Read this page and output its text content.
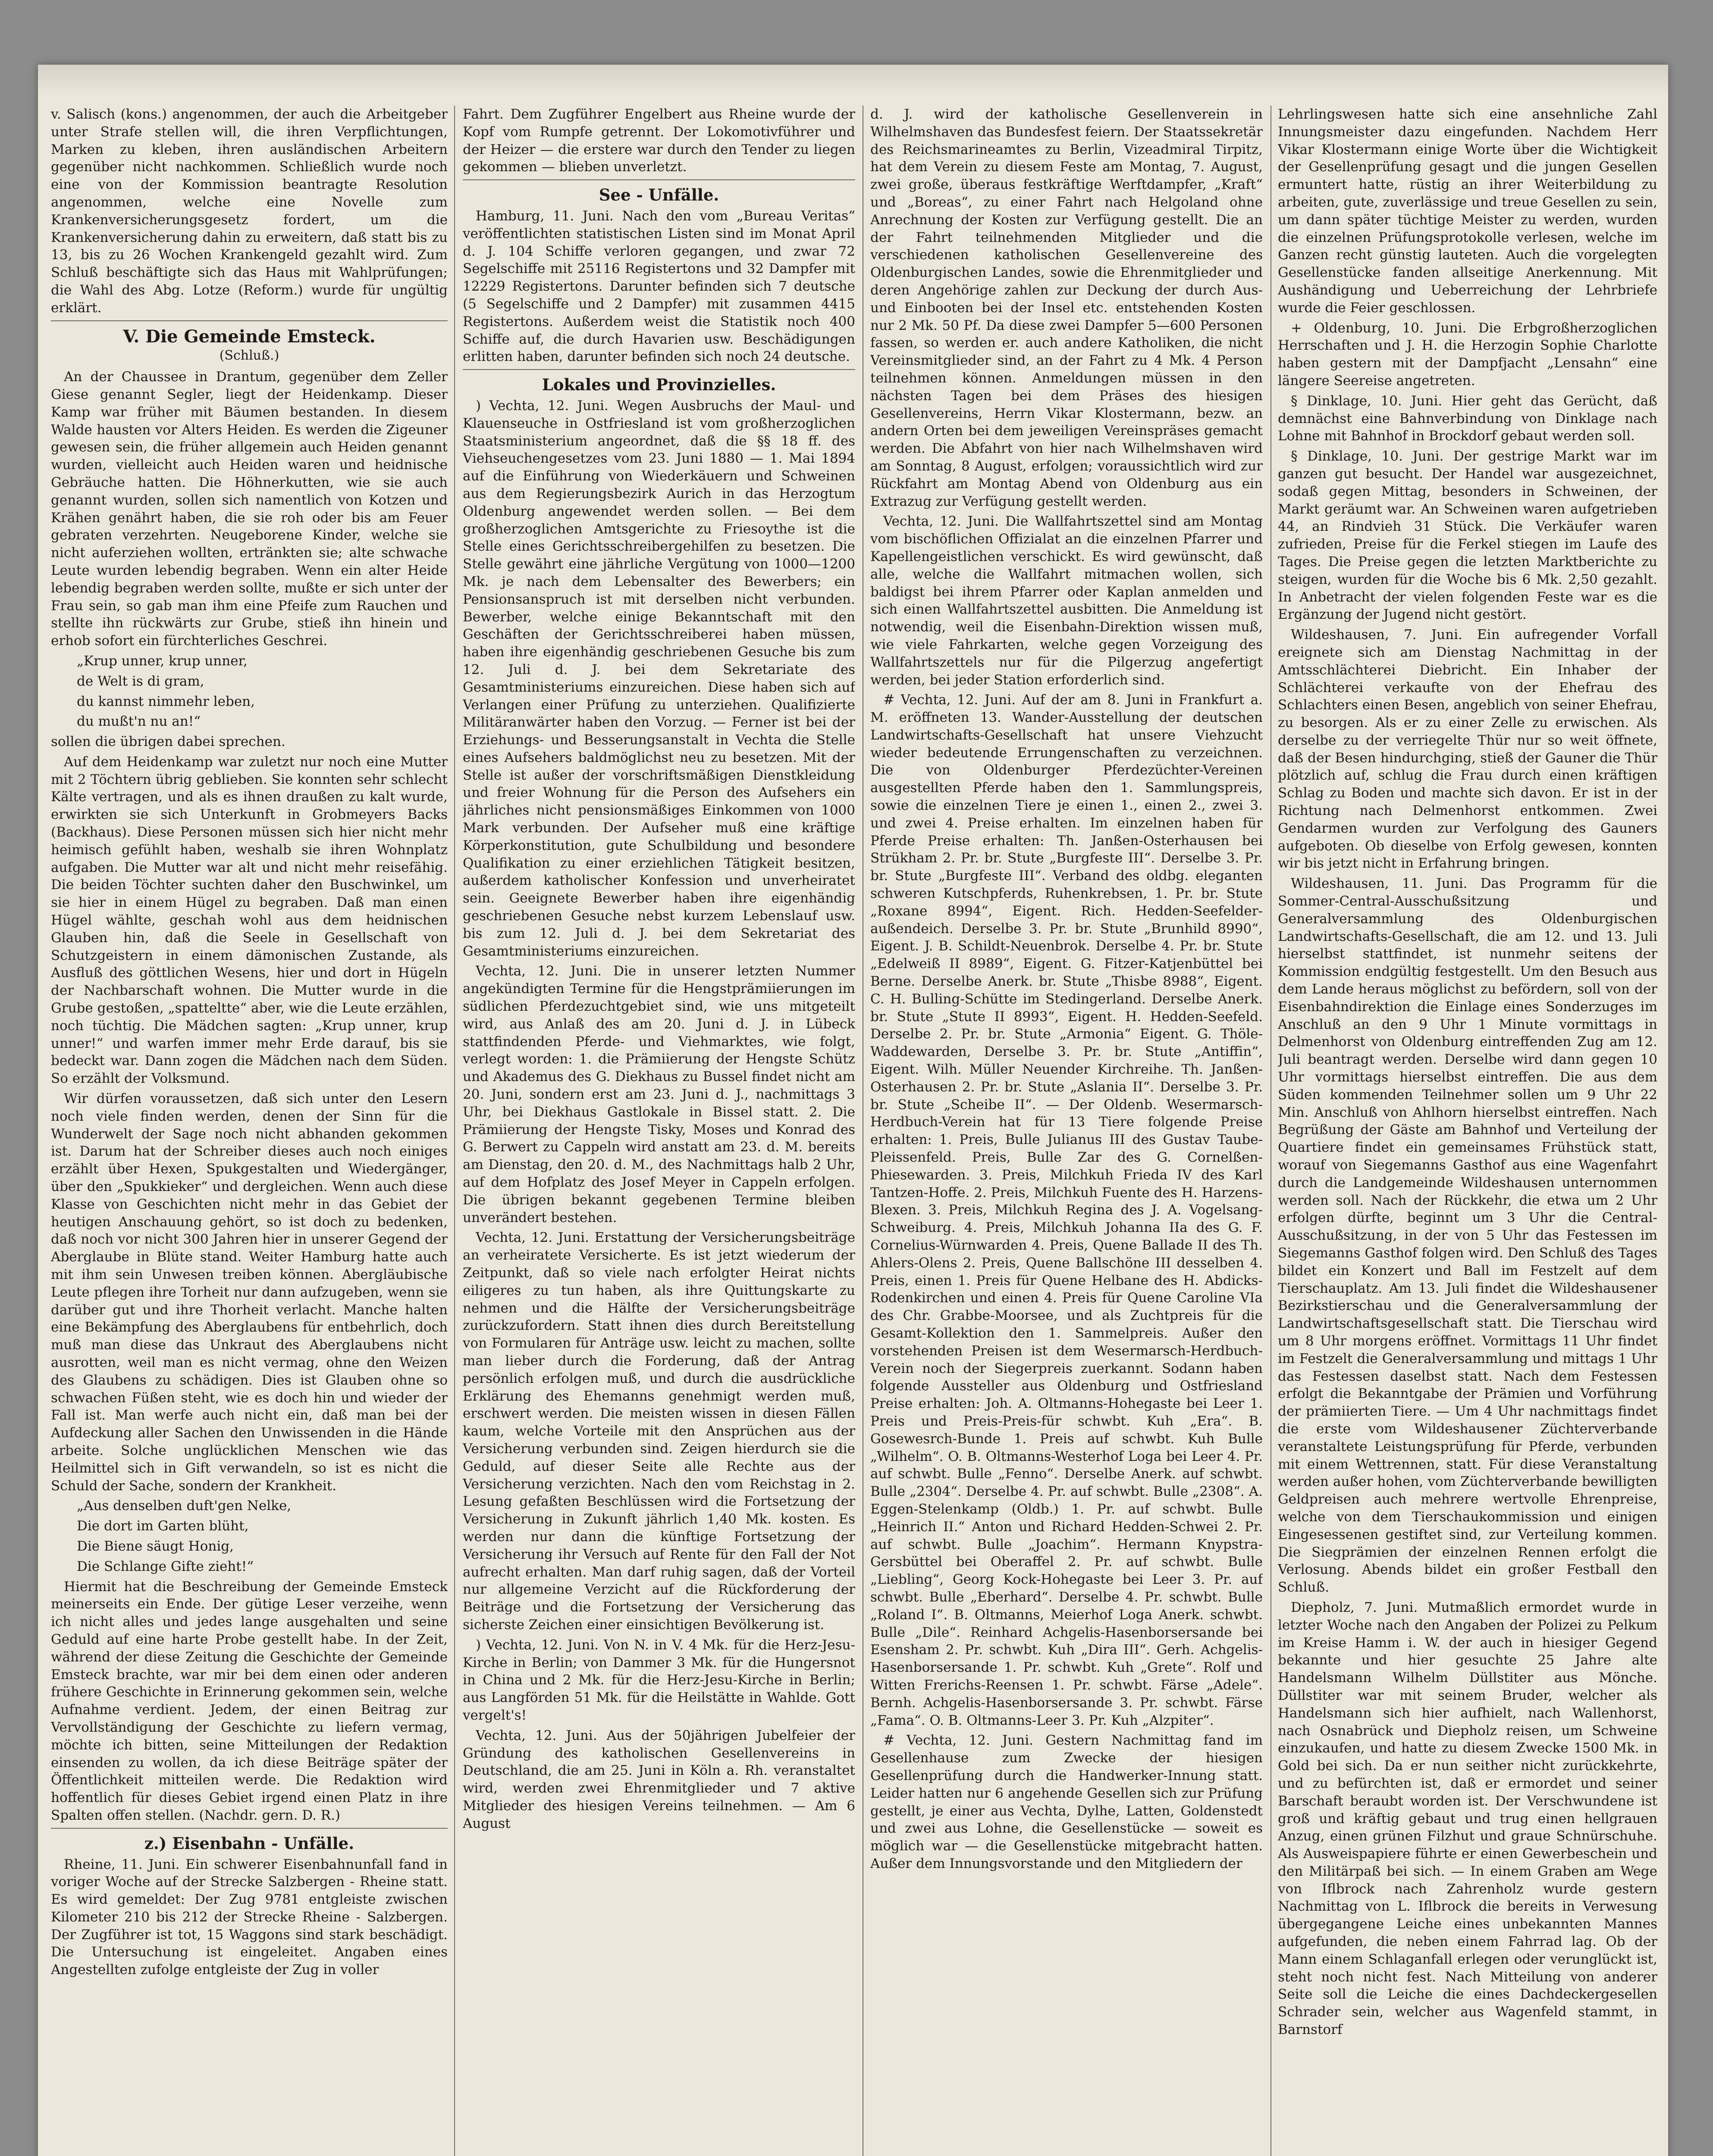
v. Salisch (kons.) angenommen, der auch die Arbeitgeber unter Strafe stellen will, die ihren Verpflichtungen, Marken zu kleben, ihren ausländischen Arbeitern gegenüber nicht nachkommen. Schließlich wurde noch eine von der Kommission beantragte Resolution angenommen, welche eine Novelle zum Krankenversicherungsgesetz fordert, um die Krankenversicherung dahin zu erweitern, daß statt bis zu 13, bis zu 26 Wochen Krankengeld gezahlt wird. Zum Schluß beschäftigte sich das Haus mit Wahlprüfungen; die Wahl des Abg. Lotze (Reform.) wurde für ungültig erklärt.

V. Die Gemeinde Emsteck.
(Schluß.)

An der Chaussee in Drantum, gegenüber dem Zeller Giese genannt Segler, liegt der Heidenkamp. Dieser Kamp war früher mit Bäumen bestanden. In diesem Walde hausten vor Alters Heiden. Es werden die Zigeuner gewesen sein, die früher allgemein auch Heiden genannt wurden, vielleicht auch Heiden waren und heidnische Gebräuche hatten. Die Höhnerkutten, wie sie auch genannt wurden, sollen sich namentlich von Kotzen und Krähen genährt haben, die sie roh oder bis am Feuer gebraten verzehrten. Neugeborene Kinder, welche sie nicht auferziehen wollten, ertränkten sie; alte schwache Leute wurden lebendig begraben. Wenn ein alter Heide lebendig begraben werden sollte, mußte er sich unter der Frau sein, so gab man ihm eine Pfeife zum Rauchen und stellte ihn rückwärts zur Grube, stieß ihn hinein und erhob sofort ein fürchterliches Geschrei.

„Krup unner, krup unner,
de Welt is di gram,
du kannst nimmehr leben,
du mußt'n nu an!“

sollen die übrigen dabei sprechen.

Auf dem Heidenkamp war zuletzt nur noch eine Mutter mit 2 Töchtern übrig geblieben. Sie konnten sehr schlecht Kälte vertragen, und als es ihnen draußen zu kalt wurde, erwirkten sie sich Unterkunft in Grobmeyers Backs (Backhaus). Diese Personen müssen sich hier nicht mehr heimisch gefühlt haben, weshalb sie ihren Wohnplatz aufgaben. Die Mutter war alt und nicht mehr reisefähig. Die beiden Töchter suchten daher den Buschwinkel, um sie hier in einem Hügel zu begraben. Daß man einen Hügel wählte, geschah wohl aus dem heidnischen Glauben hin, daß die Seele in Gesellschaft von Schutzgeistern in einem dämonischen Zustande, als Ausfluß des göttlichen Wesens, hier und dort in Hügeln der Nachbarschaft wohnen. Die Mutter wurde in die Grube gestoßen, „spatteltte“ aber, wie die Leute erzählen, noch tüchtig. Die Mädchen sagten: „Krup unner, krup unner!“ und warfen immer mehr Erde darauf, bis sie bedeckt war. Dann zogen die Mädchen nach dem Süden. So erzählt der Volksmund.

Wir dürfen voraussetzen, daß sich unter den Lesern noch viele finden werden, denen der Sinn für die Wunderwelt der Sage noch nicht abhanden gekommen ist. Darum hat der Schreiber dieses auch noch einiges erzählt über Hexen, Spukgestalten und Wiedergänger, über den „Spukkieker“ und dergleichen. Wenn auch diese Klasse von Geschichten nicht mehr in das Gebiet der heutigen Anschauung gehört, so ist doch zu bedenken, daß noch vor nicht 300 Jahren hier in unserer Gegend der Aberglaube in Blüte stand. Weiter Hamburg hatte auch mit ihm sein Unwesen treiben können. Abergläubische Leute pflegen ihre Torheit nur dann aufzugeben, wenn sie darüber gut und ihre Thorheit verlacht. Manche halten eine Bekämpfung des Aberglaubens für entbehrlich, doch muß man diese das Unkraut des Aberglaubens nicht ausrotten, weil man es nicht vermag, ohne den Weizen des Glaubens zu schädigen. Dies ist Glauben ohne so schwachen Füßen steht, wie es doch hin und wieder der Fall ist. Man werfe auch nicht ein, daß man bei der Aufdeckung aller Sachen den Unwissenden in die Hände arbeite. Solche unglücklichen Menschen wie das Heilmittel sich in Gift verwandeln, so ist es nicht die Schuld der Sache, sondern der Krankheit.

„Aus denselben duft'gen Nelke,
Die dort im Garten blüht,
Die Biene säugt Honig,
Die Schlange Gifte zieht!“

Hiermit hat die Beschreibung der Gemeinde Emsteck meinerseits ein Ende. Der gütige Leser verzeihe, wenn ich nicht alles und jedes lange ausgehalten und seine Geduld auf eine harte Probe gestellt habe. In der Zeit, während der diese Zeitung die Geschichte der Gemeinde Emsteck brachte, war mir bei dem einen oder anderen frühere Geschichte in Erinnerung gekommen sein, welche Aufnahme verdient. Jedem, der einen Beitrag zur Vervollständigung der Geschichte zu liefern vermag, möchte ich bitten, seine Mitteilungen der Redaktion einsenden zu wollen, da ich diese Beiträge später der Öffentlichkeit mitteilen werde. Die Redaktion wird hoffentlich für dieses Gebiet irgend einen Platz in ihre Spalten offen stellen. (Nachdr. gern. D. R.)

z.) Eisenbahn - Unfälle.

Rheine, 11. Juni. Ein schwerer Eisenbahnunfall fand in voriger Woche auf der Strecke Salzbergen - Rheine statt. Es wird gemeldet: Der Zug 9781 entgleiste zwischen Kilometer 210 bis 212 der Strecke Rheine - Salzbergen. Der Zugführer ist tot, 15 Waggons sind stark beschädigt. Die Untersuchung ist eingeleitet. Angaben eines Angestellten zufolge entgleiste der Zug in voller

Fahrt. Dem Zugführer Engelbert aus Rheine wurde der Kopf vom Rumpfe getrennt. Der Lokomotivführer und der Heizer — die erstere war durch den Tender zu liegen gekommen — blieben unverletzt.

See - Unfälle.

Hamburg, 11. Juni. Nach den vom „Bureau Veritas“ veröffentlichten statistischen Listen sind im Monat April d. J. 104 Schiffe verloren gegangen, und zwar 72 Segelschiffe mit 25116 Registertons und 32 Dampfer mit 12229 Registertons. Darunter befinden sich 7 deutsche (5 Segelschiffe und 2 Dampfer) mit zusammen 4415 Registertons. Außerdem weist die Statistik noch 400 Schiffe auf, die durch Havarien usw. Beschädigungen erlitten haben, darunter befinden sich noch 24 deutsche.

Lokales und Provinzielles.

) Vechta, 12. Juni. Wegen Ausbruchs der Maul- und Klauenseuche in Ostfriesland ist vom großherzoglichen Staatsministerium angeordnet, daß die §§ 18 ff. des Viehseuchengesetzes vom 23. Juni 1880 — 1. Mai 1894 auf die Einführung von Wiederkäuern und Schweinen aus dem Regierungsbezirk Aurich in das Herzogtum Oldenburg angewendet werden sollen. — Bei dem großherzoglichen Amtsgerichte zu Friesoythe ist die Stelle eines Gerichtsschreibergehilfen zu besetzen. Die Stelle gewährt eine jährliche Vergütung von 1000—1200 Mk. je nach dem Lebensalter des Bewerbers; ein Pensionsanspruch ist mit derselben nicht verbunden. Bewerber, welche einige Bekanntschaft mit den Geschäften der Gerichtsschreiberei haben müssen, haben ihre eigenhändig geschriebenen Gesuche bis zum 12. Juli d. J. bei dem Sekretariate des Gesamtministeriums einzureichen. Diese haben sich auf Verlangen einer Prüfung zu unterziehen. Qualifizierte Militäranwärter haben den Vorzug. — Ferner ist bei der Erziehungs- und Besserungsanstalt in Vechta die Stelle eines Aufsehers baldmöglichst neu zu besetzen. Mit der Stelle ist außer der vorschriftsmäßigen Dienstkleidung und freier Wohnung für die Person des Aufsehers ein jährliches nicht pensionsmäßiges Einkommen von 1000 Mark verbunden. Der Aufseher muß eine kräftige Körperkonstitution, gute Schulbildung und besondere Qualifikation zu einer erziehlichen Tätigkeit besitzen, außerdem katholischer Konfession und unverheiratet sein. Geeignete Bewerber haben ihre eigenhändig geschriebenen Gesuche nebst kurzem Lebenslauf usw. bis zum 12. Juli d. J. bei dem Sekretariat des Gesamtministeriums einzureichen.

Vechta, 12. Juni. Die in unserer letzten Nummer angekündigten Termine für die Hengstprämiierungen im südlichen Pferdezuchtgebiet sind, wie uns mitgeteilt wird, aus Anlaß des am 20. Juni d. J. in Lübeck stattfindenden Pferde- und Viehmarktes, wie folgt, verlegt worden: 1. die Prämiierung der Hengste Schütz und Akademus des G. Diekhaus zu Bussel findet nicht am 20. Juni, sondern erst am 23. Juni d. J., nachmittags 3 Uhr, bei Diekhaus Gastlokale in Bissel statt. 2. Die Prämiierung der Hengste Tisky, Moses und Konrad des G. Berwert zu Cappeln wird anstatt am 23. d. M. bereits am Dienstag, den 20. d. M., des Nachmittags halb 2 Uhr, auf dem Hofplatz des Josef Meyer in Cappeln erfolgen. Die übrigen bekannt gegebenen Termine bleiben unverändert bestehen.

Vechta, 12. Juni. Erstattung der Versicherungsbeiträge an verheiratete Versicherte. Es ist jetzt wiederum der Zeitpunkt, daß so viele nach erfolgter Heirat nichts eiligeres zu tun haben, als ihre Quittungskarte zu nehmen und die Hälfte der Versicherungsbeiträge zurückzufordern. Statt ihnen dies durch Bereitstellung von Formularen für Anträge usw. leicht zu machen, sollte man lieber durch die Forderung, daß der Antrag persönlich erfolgen muß, und durch die ausdrückliche Erklärung des Ehemanns genehmigt werden muß, erschwert werden. Die meisten wissen in diesen Fällen kaum, welche Vorteile mit den Ansprüchen aus der Versicherung verbunden sind. Zeigen hierdurch sie die Geduld, auf dieser Seite alle Rechte aus der Versicherung verzichten. Nach den vom Reichstag in 2. Lesung gefaßten Beschlüssen wird die Fortsetzung der Versicherung in Zukunft jährlich 1,40 Mk. kosten. Es werden nur dann die künftige Fortsetzung der Versicherung ihr Versuch auf Rente für den Fall der Not aufrecht erhalten. Man darf ruhig sagen, daß der Vorteil nur allgemeine Verzicht auf die Rückforderung der Beiträge und die Fortsetzung der Versicherung das sicherste Zeichen einer einsichtigen Bevölkerung ist.

) Vechta, 12. Juni. Von N. in V. 4 Mk. für die Herz-Jesu-Kirche in Berlin; von Dammer 3 Mk. für die Hungersnot in China und 2 Mk. für die Herz-Jesu-Kirche in Berlin; aus Langförden 51 Mk. für die Heilstätte in Wahlde. Gott vergelt's!

Vechta, 12. Juni. Aus der 50jährigen Jubelfeier der Gründung des katholischen Gesellenvereins in Deutschland, die am 25. Juni in Köln a. Rh. veranstaltet wird, werden zwei Ehrenmitglieder und 7 aktive Mitglieder des hiesigen Vereins teilnehmen. — Am 6 August

d. J. wird der katholische Gesellenverein in Wilhelmshaven das Bundesfest feiern. Der Staatssekretär des Reichsmarineamtes zu Berlin, Vizeadmiral Tirpitz, hat dem Verein zu diesem Feste am Montag, 7. August, zwei große, überaus festkräftige Werftdampfer, „Kraft“ und „Boreas“, zu einer Fahrt nach Helgoland ohne Anrechnung der Kosten zur Verfügung gestellt. Die an der Fahrt teilnehmenden Mitglieder und die verschiedenen katholischen Gesellenvereine des Oldenburgischen Landes, sowie die Ehrenmitglieder und deren Angehörige zahlen zur Deckung der durch Aus- und Einbooten bei der Insel etc. entstehenden Kosten nur 2 Mk. 50 Pf. Da diese zwei Dampfer 5—600 Personen fassen, so werden er. auch andere Katholiken, die nicht Vereinsmitglieder sind, an der Fahrt zu 4 Mk. 4 Person teilnehmen können. Anmeldungen müssen in den nächsten Tagen bei dem Präses des hiesigen Gesellenvereins, Herrn Vikar Klostermann, bezw. an andern Orten bei dem jeweiligen Vereinspräses gemacht werden. Die Abfahrt von hier nach Wilhelmshaven wird am Sonntag, 8 August, erfolgen; voraussichtlich wird zur Rückfahrt am Montag Abend von Oldenburg aus ein Extrazug zur Verfügung gestellt werden.

Vechta, 12. Juni. Die Wallfahrtszettel sind am Montag vom bischöflichen Offizialat an die einzelnen Pfarrer und Kapellengeistlichen verschickt. Es wird gewünscht, daß alle, welche die Wallfahrt mitmachen wollen, sich baldigst bei ihrem Pfarrer oder Kaplan anmelden und sich einen Wallfahrtszettel ausbitten. Die Anmeldung ist notwendig, weil die Eisenbahn-Direktion wissen muß, wie viele Fahrkarten, welche gegen Vorzeigung des Wallfahrtszettels nur für die Pilgerzug angefertigt werden, bei jeder Station erforderlich sind.

# Vechta, 12. Juni. Auf der am 8. Juni in Frankfurt a. M. eröffneten 13. Wander-Ausstellung der deutschen Landwirtschafts-Gesellschaft hat unsere Viehzucht wieder bedeutende Errungenschaften zu verzeichnen. Die von Oldenburger Pferdezüchter-Vereinen ausgestellten Pferde haben den 1. Sammlungspreis, sowie die einzelnen Tiere je einen 1., einen 2., zwei 3. und zwei 4. Preise erhalten. Im einzelnen haben für Pferde Preise erhalten: Th. Janßen-Osterhausen bei Strükham 2. Pr. br. Stute „Burgfeste III“. Derselbe 3. Pr. br. Stute „Burgfeste III“. Verband des oldbg. eleganten schweren Kutschpferds, Ruhenkrebsen, 1. Pr. br. Stute „Roxane 8994“, Eigent. Rich. Hedden-Seefelder-außendeich. Derselbe 3. Pr. br. Stute „Brunhild 8990“, Eigent. J. B. Schildt-Neuenbrok. Derselbe 4. Pr. br. Stute „Edelweiß II 8989“, Eigent. G. Fitzer-Katjenbüttel bei Berne. Derselbe Anerk. br. Stute „Thisbe 8988“, Eigent. C. H. Bulling-Schütte im Stedingerland. Derselbe Anerk. br. Stute „Stute II 8993“, Eigent. H. Hedden-Seefeld. Derselbe 2. Pr. br. Stute „Armonia“ Eigent. G. Thöle-Waddewarden, Derselbe 3. Pr. br. Stute „Antiffin“, Eigent. Wilh. Müller Neuender Kirchreihe. Th. Janßen-Osterhausen 2. Pr. br. Stute „Aslania II“. Derselbe 3. Pr. br. Stute „Scheibe II“. — Der Oldenb. Wesermarsch-Herdbuch-Verein hat für 13 Tiere folgende Preise erhalten: 1. Preis, Bulle Julianus III des Gustav Taube-Pleissenfeld. Preis, Bulle Zar des G. Cornelßen-Phiesewarden. 3. Preis, Milchkuh Frieda IV des Karl Tantzen-Hoffe. 2. Preis, Milchkuh Fuente des H. Harzens-Blexen. 3. Preis, Milchkuh Regina des J. A. Vogelsang-Schweiburg. 4. Preis, Milchkuh Johanna IIa des G. F. Cornelius-Würnwarden 4. Preis, Quene Ballade II des Th. Ahlers-Olens 2. Preis, Quene Ballschöne III desselben 4. Preis, einen 1. Preis für Quene Helbane des H. Abdicks-Rodenkirchen und einen 4. Preis für Quene Caroline VIa des Chr. Grabbe-Moorsee, und als Zuchtpreis für die Gesamt-Kollektion den 1. Sammelpreis. Außer den vorstehenden Preisen ist dem Wesermarsch-Herdbuch-Verein noch der Siegerpreis zuerkannt. Sodann haben folgende Aussteller aus Oldenburg und Ostfriesland Preise erhalten: Joh. A. Oltmanns-Hohegaste bei Leer 1. Preis und Preis-Preis-für schwbt. Kuh „Era“. B. Gosewesrch-Bunde 1. Preis auf schwbt. Kuh Bulle „Wilhelm“. O. B. Oltmanns-Westerhof Loga bei Leer 4. Pr. auf schwbt. Bulle „Fenno“. Derselbe Anerk. auf schwbt. Bulle „2304“. Derselbe 4. Pr. auf schwbt. Bulle „2308“. A. Eggen-Stelenkamp (Oldb.) 1. Pr. auf schwbt. Bulle „Heinrich II.“ Anton und Richard Hedden-Schwei 2. Pr. auf schwbt. Bulle „Joachim“. Hermann Knypstra-Gersbüttel bei Oberaffel 2. Pr. auf schwbt. Bulle „Liebling“, Georg Kock-Hohegaste bei Leer 3. Pr. auf schwbt. Bulle „Eberhard“. Derselbe 4. Pr. schwbt. Bulle „Roland I“. B. Oltmanns, Meierhof Loga Anerk. schwbt. Bulle „Dile“. Reinhard Achgelis-Hasenborsersande bei Esensham 2. Pr. schwbt. Kuh „Dira III“. Gerh. Achgelis-Hasenborsersande 1. Pr. schwbt. Kuh „Grete“. Rolf und Witten Frerichs-Reensen 1. Pr. schwbt. Färse „Adele“. Bernh. Achgelis-Hasenborsersande 3. Pr. schwbt. Färse „Fama“. O. B. Oltmanns-Leer 3. Pr. Kuh „Alzpiter“.

# Vechta, 12. Juni. Gestern Nachmittag fand im Gesellenhause zum Zwecke der hiesigen Gesellenprüfung durch die Handwerker-Innung statt. Leider hatten nur 6 angehende Gesellen sich zur Prüfung gestellt, je einer aus Vechta, Dylhe, Latten, Goldenstedt und zwei aus Lohne, die Gesellenstücke — soweit es möglich war — die Gesellenstücke mitgebracht hatten. Außer dem Innungsvorstande und den Mitgliedern der

Lehrlingswesen hatte sich eine ansehnliche Zahl Innungsmeister dazu eingefunden. Nachdem Herr Vikar Klostermann einige Worte über die Wichtigkeit der Gesellenprüfung gesagt und die jungen Gesellen ermuntert hatte, rüstig an ihrer Weiterbildung zu arbeiten, gute, zuverlässige und treue Gesellen zu sein, um dann später tüchtige Meister zu werden, wurden die einzelnen Prüfungsprotokolle verlesen, welche im Ganzen recht günstig lauteten. Auch die vorgelegten Gesellenstücke fanden allseitige Anerkennung. Mit Aushändigung und Ueberreichung der Lehrbriefe wurde die Feier geschlossen.

+ Oldenburg, 10. Juni. Die Erbgroßherzoglichen Herrschaften und J. H. die Herzogin Sophie Charlotte haben gestern mit der Dampfjacht „Lensahn“ eine längere Seereise angetreten.

§ Dinklage, 10. Juni. Hier geht das Gerücht, daß demnächst eine Bahnverbindung von Dinklage nach Lohne mit Bahnhof in Brockdorf gebaut werden soll.

§ Dinklage, 10. Juni. Der gestrige Markt war im ganzen gut besucht. Der Handel war ausgezeichnet, sodaß gegen Mittag, besonders in Schweinen, der Markt geräumt war. An Schweinen waren aufgetrieben 44, an Rindvieh 31 Stück. Die Verkäufer waren zufrieden, Preise für die Ferkel stiegen im Laufe des Tages. Die Preise gegen die letzten Marktberichte zu steigen, wurden für die Woche bis 6 Mk. 2,50 gezahlt. In Anbetracht der vielen folgenden Feste war es die Ergänzung der Jugend nicht gestört.

Wildeshausen, 7. Juni. Ein aufregender Vorfall ereignete sich am Dienstag Nachmittag in der Amtsschlächterei Diebricht. Ein Inhaber der Schlächterei verkaufte von der Ehefrau des Schlachters einen Besen, angeblich von seiner Ehefrau, zu besorgen. Als er zu einer Zelle zu erwischen. Als derselbe zu der verriegelte Thür nur so weit öffnete, daß der Besen hindurchging, stieß der Gauner die Thür plötzlich auf, schlug die Frau durch einen kräftigen Schlag zu Boden und machte sich davon. Er ist in der Richtung nach Delmenhorst entkommen. Zwei Gendarmen wurden zur Verfolgung des Gauners aufgeboten. Ob dieselbe von Erfolg gewesen, konnten wir bis jetzt nicht in Erfahrung bringen.

Wildeshausen, 11. Juni. Das Programm für die Sommer-Central-Ausschußsitzung und Generalversammlung des Oldenburgischen Landwirtschafts-Gesellschaft, die am 12. und 13. Juli hierselbst stattfindet, ist nunmehr seitens der Kommission endgültig festgestellt. Um den Besuch aus dem Lande heraus möglichst zu befördern, soll von der Eisenbahndirektion die Einlage eines Sonderzuges im Anschluß an den 9 Uhr 1 Minute vormittags in Delmenhorst von Oldenburg eintreffenden Zug am 12. Juli beantragt werden. Derselbe wird dann gegen 10 Uhr vormittags hierselbst eintreffen. Die aus dem Süden kommenden Teilnehmer sollen um 9 Uhr 22 Min. Anschluß von Ahlhorn hierselbst eintreffen. Nach Begrüßung der Gäste am Bahnhof und Verteilung der Quartiere findet ein gemeinsames Frühstück statt, worauf von Siegemanns Gasthof aus eine Wagenfahrt durch die Landgemeinde Wildeshausen unternommen werden soll. Nach der Rückkehr, die etwa um 2 Uhr erfolgen dürfte, beginnt um 3 Uhr die Central-Ausschußsitzung, in der von 5 Uhr das Festessen im Siegemanns Gasthof folgen wird. Den Schluß des Tages bildet ein Konzert und Ball im Festzelt auf dem Tierschauplatz. Am 13. Juli findet die Wildeshausener Bezirkstierschau und die Generalversammlung der Landwirtschaftsgesellschaft statt. Die Tierschau wird um 8 Uhr morgens eröffnet. Vormittags 11 Uhr findet im Festzelt die Generalversammlung und mittags 1 Uhr das Festessen daselbst statt. Nach dem Festessen erfolgt die Bekanntgabe der Prämien und Vorführung der prämiierten Tiere. — Um 4 Uhr nachmittags findet die erste vom Wildeshausener Züchterverbande veranstaltete Leistungsprüfung für Pferde, verbunden mit einem Wettrennen, statt. Für diese Veranstaltung werden außer hohen, vom Züchterverbande bewilligten Geldpreisen auch mehrere wertvolle Ehrenpreise, welche von dem Tierschaukommission und einigen Eingesessenen gestiftet sind, zur Verteilung kommen. Die Siegprämien der einzelnen Rennen erfolgt die Verlosung. Abends bildet ein großer Festball den Schluß.

Diepholz, 7. Juni. Mutmaßlich ermordet wurde in letzter Woche nach den Angaben der Polizei zu Pelkum im Kreise Hamm i. W. der auch in hiesiger Gegend bekannte und hier gesuchte 25 Jahre alte Handelsmann Wilhelm Düllstiter aus Mönche. Düllstiter war mit seinem Bruder, welcher als Handelsmann sich hier aufhielt, nach Wallenhorst, nach Osnabrück und Diepholz reisen, um Schweine einzukaufen, und hatte zu diesem Zwecke 1500 Mk. in Gold bei sich. Da er nun seither nicht zurückkehrte, und zu befürchten ist, daß er ermordet und seiner Barschaft beraubt worden ist. Der Verschwundene ist groß und kräftig gebaut und trug einen hellgrauen Anzug, einen grünen Filzhut und graue Schnürschuhe. Als Ausweispapiere führte er einen Gewerbeschein und den Militärpaß bei sich. — In einem Graben am Wege von Iflbrock nach Zahrenholz wurde gestern Nachmittag von L. Iflbrock die bereits in Verwesung übergegangene Leiche eines unbekannten Mannes aufgefunden, die neben einem Fahrrad lag. Ob der Mann einem Schlaganfall erlegen oder verunglückt ist, steht noch nicht fest. Nach Mitteilung von anderer Seite soll die Leiche die eines Dachdeckergesellen Schrader sein, welcher aus Wagenfeld stammt, in Barnstorf
